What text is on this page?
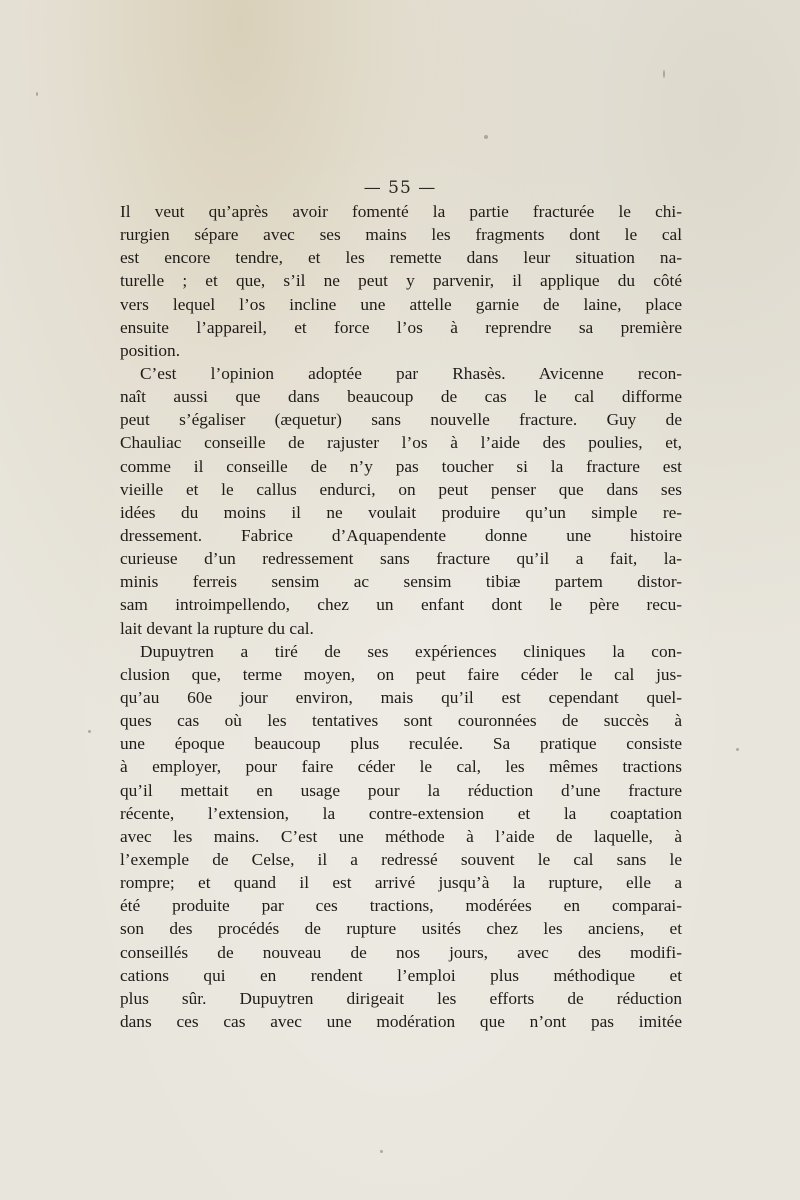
— 55 —
Il veut qu’après avoir fomenté la partie fracturée le chi-
rurgien sépare avec ses mains les fragments dont le cal
est encore tendre, et les remette dans leur situation na-
turelle ; et que, s’il ne peut y parvenir, il applique du côté
vers lequel l’os incline une attelle garnie de laine, place
ensuite l’appareil, et force l’os à reprendre sa première
position.
C’est l’opinion adoptée par Rhasès. Avicenne recon-
naît aussi que dans beaucoup de cas le cal difforme
peut s’égaliser (æquetur) sans nouvelle fracture. Guy de
Chauliac conseille de rajuster l’os à l’aide des poulies, et,
comme il conseille de n’y pas toucher si la fracture est
vieille et le callus endurci, on peut penser que dans ses
idées du moins il ne voulait produire qu’un simple re-
dressement. Fabrice d’Aquapendente donne une histoire
curieuse d’un redressement sans fracture qu’il a fait, la-
minis ferreis sensim ac sensim tibiæ partem distor-
sam introimpellendo, chez un enfant dont le père recu-
lait devant la rupture du cal.
Dupuytren a tiré de ses expériences cliniques la con-
clusion que, terme moyen, on peut faire céder le cal jus-
qu’au 60e jour environ, mais qu’il est cependant quel-
ques cas où les tentatives sont couronnées de succès à
une époque beaucoup plus reculée. Sa pratique consiste
à employer, pour faire céder le cal, les mêmes tractions
qu’il mettait en usage pour la réduction d’une fracture
récente, l’extension, la contre-extension et la coaptation
avec les mains. C’est une méthode à l’aide de laquelle, à
l’exemple de Celse, il a redressé souvent le cal sans le
rompre; et quand il est arrivé jusqu’à la rupture, elle a
été produite par ces tractions, modérées en comparai-
son des procédés de rupture usités chez les anciens, et
conseillés de nouveau de nos jours, avec des modifi-
cations qui en rendent l’emploi plus méthodique et
plus sûr. Dupuytren dirigeait les efforts de réduction
dans ces cas avec une modération que n’ont pas imitée
